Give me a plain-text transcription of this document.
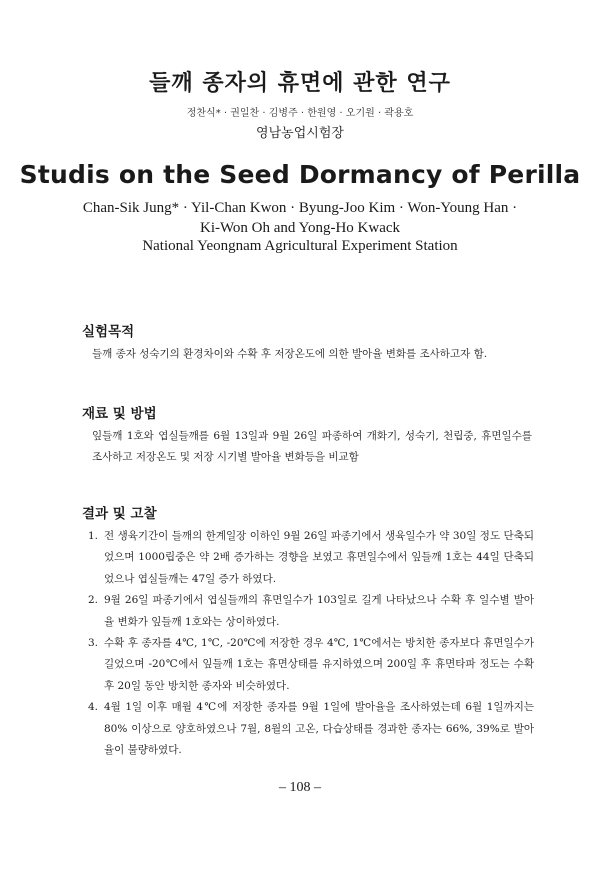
들깨 종자의 휴면에 관한 연구
정찬식* · 권일찬 · 김병주 · 한원영 · 오기원 · 곽용호
영남농업시험장
Studis on the Seed Dormancy of Perilla
Chan-Sik Jung* · Yil-Chan Kwon · Byung-Joo Kim · Won-Young Han ·
Ki-Won Oh and Yong-Ho Kwack
National Yeongnam Agricultural Experiment Station
실험목적
들깨 종자 성숙기의 환경차이와 수확 후 저장온도에 의한 발아율 변화를 조사하고자 함.
재료 및 방법
잎들깨 1호와 엽실들깨를 6월 13일과 9월 26일 파종하여 개화기, 성숙기, 천립중, 휴면일수를 조사하고 저장온도 및 저장 시기별 발아율 변화등을 비교함
결과 및 고찰
1. 전 생육기간이 들깨의 한계일장 이하인 9월 26일 파종기에서 생육일수가 약 30일 정도 단축되었으며 1000립중은 약 2배 증가하는 경향을 보였고 휴면일수에서 잎들깨 1호는 44일 단축되었으나 엽실들깨는 47일 증가 하였다.
2. 9월 26일 파종기에서 엽실들깨의 휴면일수가 103일로 길게 나타났으나 수확 후 일수별 발아율 변화가 잎들깨 1호와는 상이하였다.
3. 수확 후 종자를 4℃, 1℃, -20℃에 저장한 경우 4℃, 1℃에서는 방치한 종자보다 휴면일수가 길었으며 -20℃에서 잎들깨 1호는 휴면상태를 유지하였으며 200일 후 휴면타파 정도는 수확 후 20일 동안 방치한 종자와 비슷하였다.
4. 4월 1일 이후 매월 4℃에 저장한 종자를 9월 1일에 발아율을 조사하였는데 6월 1일까지는 80% 이상으로 양호하였으나 7월, 8월의 고온, 다습상태를 경과한 종자는 66%, 39%로 발아율이 불량하였다.
– 108 –
